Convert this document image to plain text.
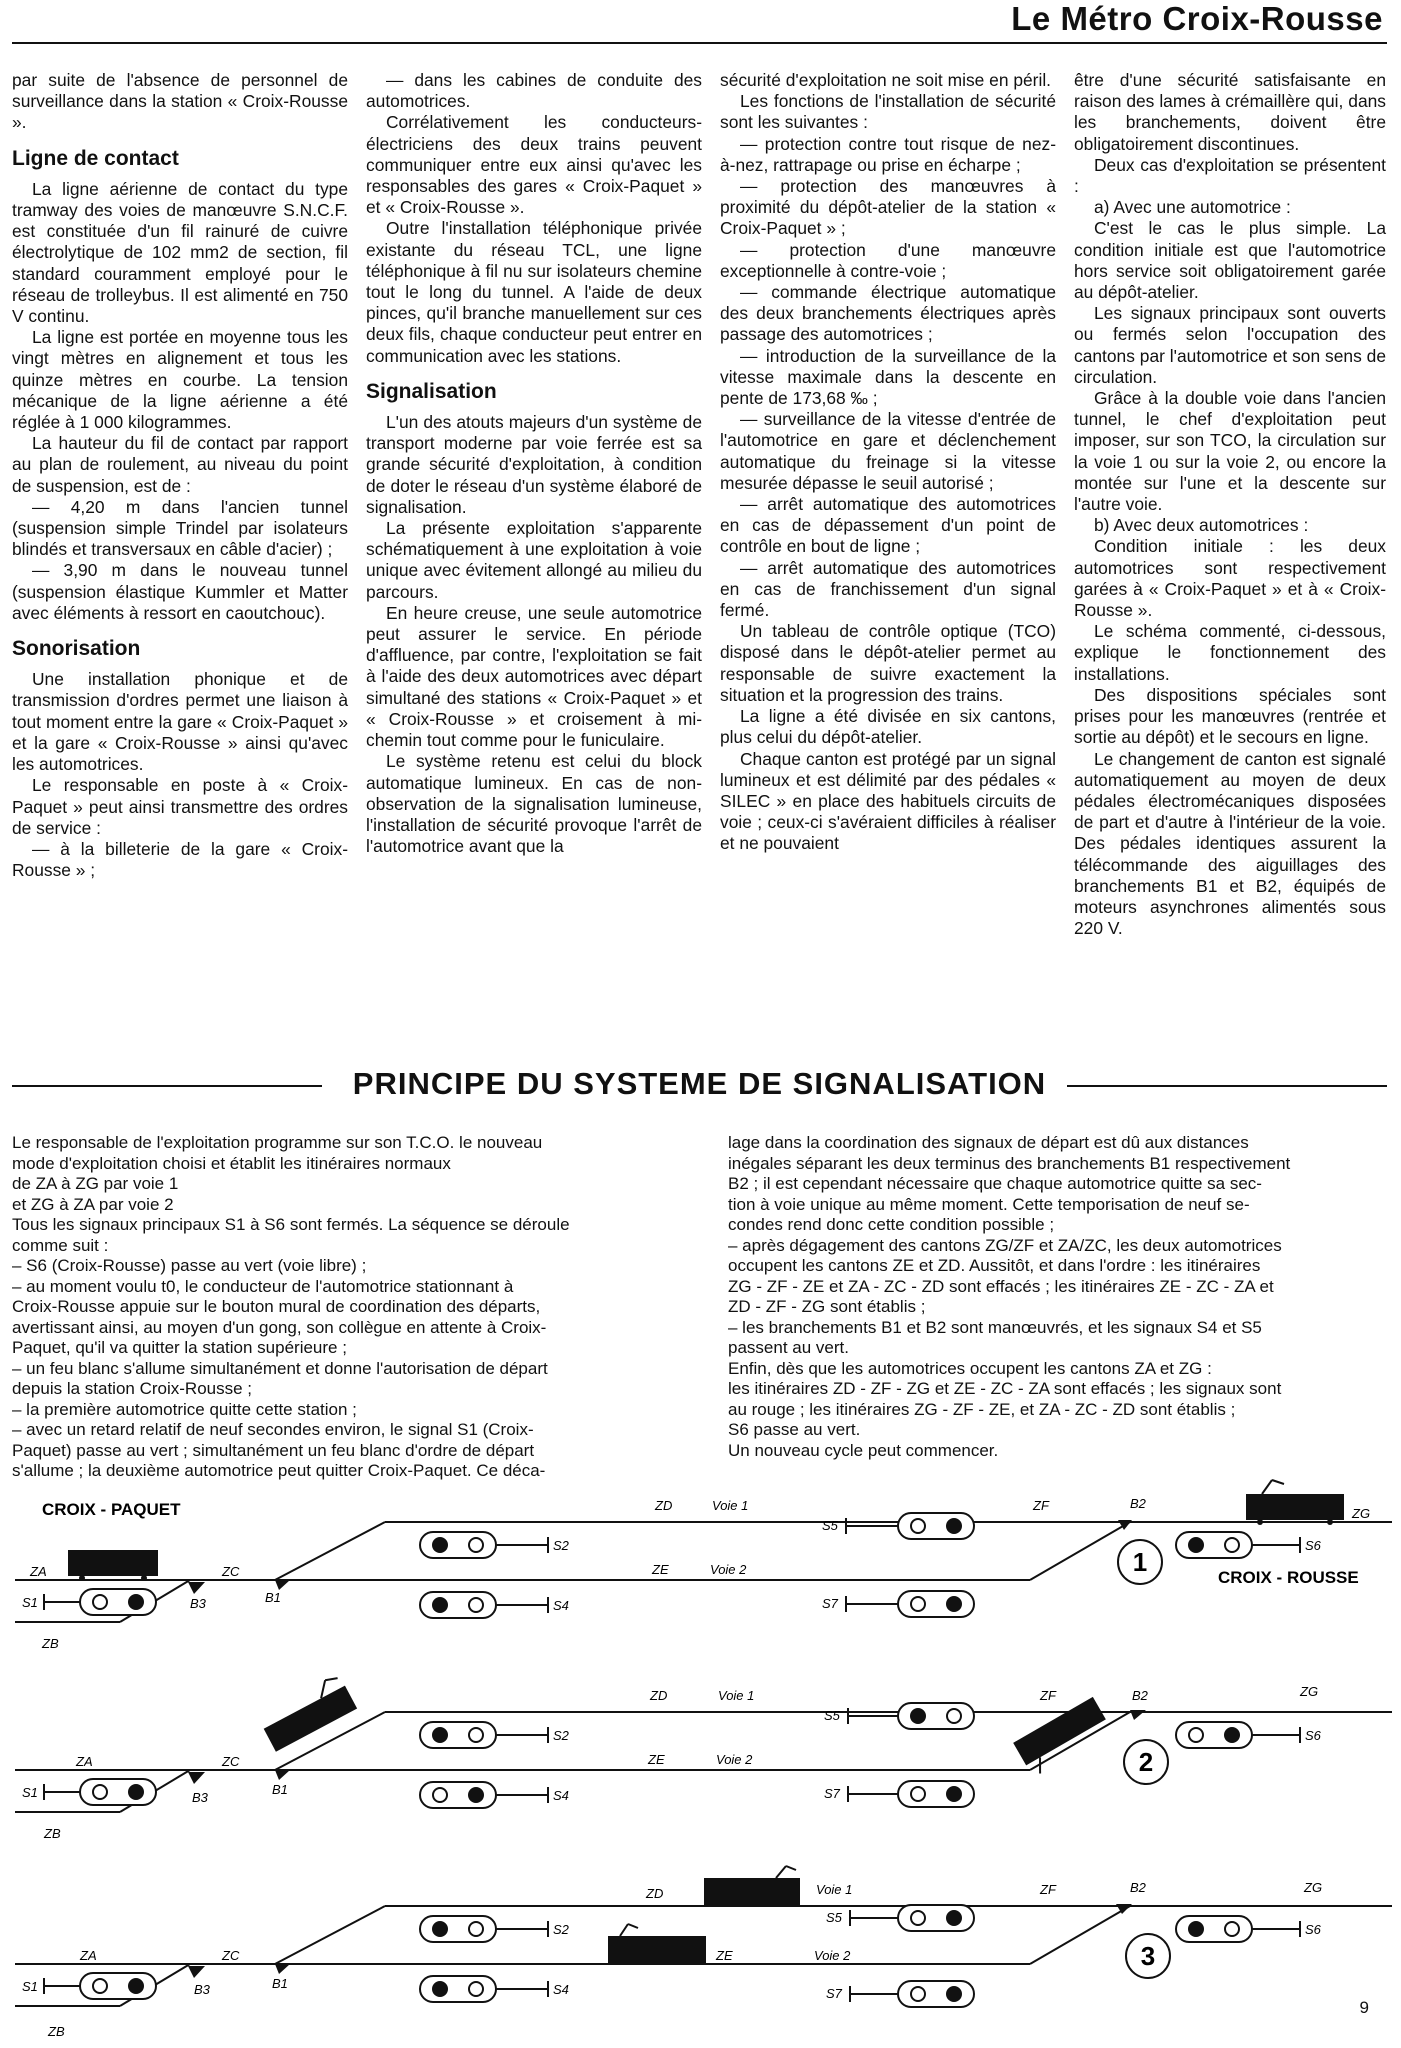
Le Métro Croix-Rousse

par suite de l'absence de personnel de surveillance dans la station « Croix-Rousse ».

Ligne de contact

La ligne aérienne de contact du type tramway des voies de manœuvre S.N.C.F. est constituée d'un fil rainuré de cuivre électrolytique de 102 mm2 de section, fil standard couramment employé pour le réseau de trolleybus. Il est alimenté en 750 V continu.

La ligne est portée en moyenne tous les vingt mètres en alignement et tous les quinze mètres en courbe. La tension mécanique de la ligne aérienne a été réglée à 1 000 kilogrammes.

La hauteur du fil de contact par rapport au plan de roulement, au niveau du point de suspension, est de :

— 4,20 m dans l'ancien tunnel (suspension simple Trindel par isolateurs blindés et transversaux en câble d'acier) ;

— 3,90 m dans le nouveau tunnel (suspension élastique Kummler et Matter avec éléments à ressort en caoutchouc).

Sonorisation

Une installation phonique et de transmission d'ordres permet une liaison à tout moment entre la gare « Croix-Paquet » et la gare « Croix-Rousse » ainsi qu'avec les automotrices.

Le responsable en poste à « Croix-Paquet » peut ainsi transmettre des ordres de service :

— à la billeterie de la gare « Croix-Rousse » ;

— dans les cabines de conduite des automotrices.

Corrélativement les conducteurs-électriciens des deux trains peuvent communiquer entre eux ainsi qu'avec les responsables des gares « Croix-Paquet » et « Croix-Rousse ».

Outre l'installation téléphonique privée existante du réseau TCL, une ligne téléphonique à fil nu sur isolateurs chemine tout le long du tunnel. A l'aide de deux pinces, qu'il branche manuellement sur ces deux fils, chaque conducteur peut entrer en communication avec les stations.

Signalisation

L'un des atouts majeurs d'un système de transport moderne par voie ferrée est sa grande sécurité d'exploitation, à condition de doter le réseau d'un système élaboré de signalisation.

La présente exploitation s'apparente schématiquement à une exploitation à voie unique avec évitement allongé au milieu du parcours.

En heure creuse, une seule automotrice peut assurer le service. En période d'affluence, par contre, l'exploitation se fait à l'aide des deux automotrices avec départ simultané des stations « Croix-Paquet » et « Croix-Rousse » et croisement à mi-chemin tout comme pour le funiculaire.

Le système retenu est celui du block automatique lumineux. En cas de non-observation de la signalisation lumineuse, l'installation de sécurité provoque l'arrêt de l'automotrice avant que la

sécurité d'exploitation ne soit mise en péril.

Les fonctions de l'installation de sécurité sont les suivantes :

— protection contre tout risque de nez-à-nez, rattrapage ou prise en écharpe ;

— protection des manœuvres à proximité du dépôt-atelier de la station « Croix-Paquet » ;

— protection d'une manœuvre exceptionnelle à contre-voie ;

— commande électrique automatique des deux branchements électriques après passage des automotrices ;

— introduction de la surveillance de la vitesse maximale dans la descente en pente de 173,68 ‰ ;

— surveillance de la vitesse d'entrée de l'automotrice en gare et déclenchement automatique du freinage si la vitesse mesurée dépasse le seuil autorisé ;

— arrêt automatique des automotrices en cas de dépassement d'un point de contrôle en bout de ligne ;

— arrêt automatique des automotrices en cas de franchissement d'un signal fermé.

Un tableau de contrôle optique (TCO) disposé dans le dépôt-atelier permet au responsable de suivre exactement la situation et la progression des trains.

La ligne a été divisée en six cantons, plus celui du dépôt-atelier.

Chaque canton est protégé par un signal lumineux et est délimité par des pédales « SILEC » en place des habituels circuits de voie ; ceux-ci s'avéraient difficiles à réaliser et ne pouvaient

être d'une sécurité satisfaisante en raison des lames à crémaillère qui, dans les branchements, doivent être obligatoirement discontinues.

Deux cas d'exploitation se présentent :

a) Avec une automotrice :

C'est le cas le plus simple. La condition initiale est que l'automotrice hors service soit obligatoirement garée au dépôt-atelier.

Les signaux principaux sont ouverts ou fermés selon l'occupation des cantons par l'automotrice et son sens de circulation.

Grâce à la double voie dans l'ancien tunnel, le chef d'exploitation peut imposer, sur son TCO, la circulation sur la voie 1 ou sur la voie 2, ou encore la montée sur l'une et la descente sur l'autre voie.

b) Avec deux automotrices :

Condition initiale : les deux automotrices sont respectivement garées à « Croix-Paquet » et à « Croix-Rousse ».

Le schéma commenté, ci-dessous, explique le fonctionnement des installations.

Des dispositions spéciales sont prises pour les manœuvres (rentrée et sortie au dépôt) et le secours en ligne.

Le changement de canton est signalé automatiquement au moyen de deux pédales électromécaniques disposées de part et d'autre à l'intérieur de la voie. Des pédales identiques assurent la télécommande des aiguillages des branchements B1 et B2, équipés de moteurs asynchrones alimentés sous 220 V.

PRINCIPE DU SYSTEME DE SIGNALISATION
Le responsable de l'exploitation programme sur son T.C.O. le nouveau
mode d'exploitation choisi et établit les itinéraires normaux
de ZA à ZG par voie 1
et ZG à ZA par voie 2
Tous les signaux principaux S1 à S6 sont fermés. La séquence se déroule
comme suit :
– S6 (Croix-Rousse) passe au vert (voie libre) ;
– au moment voulu t0, le conducteur de l'automotrice stationnant à
Croix-Rousse appuie sur le bouton mural de coordination des départs,
avertissant ainsi, au moyen d'un gong, son collègue en attente à Croix-
Paquet, qu'il va quitter la station supérieure ;
– un feu blanc s'allume simultanément et donne l'autorisation de départ
depuis la station Croix-Rousse ;
– la première automotrice quitte cette station ;
– avec un retard relatif de neuf secondes environ, le signal S1 (Croix-
Paquet) passe au vert ; simultanément un feu blanc d'ordre de départ
s'allume ; la deuxième automotrice peut quitter Croix-Paquet. Ce déca-
lage dans la coordination des signaux de départ est dû aux distances
inégales séparant les deux terminus des branchements B1 respectivement
B2 ; il est cependant nécessaire que chaque automotrice quitte sa sec-
tion à voie unique au même moment. Cette temporisation de neuf se-
condes rend donc cette condition possible ;
– après dégagement des cantons ZG/ZF et ZA/ZC, les deux automotrices
occupent les cantons ZE et ZD. Aussitôt, et dans l'ordre : les itinéraires
ZG - ZF - ZE et ZA - ZC - ZD sont effacés ; les itinéraires ZE - ZC - ZA et
ZD - ZF - ZG sont établis ;
– les branchements B1 et B2 sont manœuvrés, et les signaux S4 et S5
passent au vert.
Enfin, dès que les automotrices occupent les cantons ZA et ZG :
les itinéraires ZD - ZF - ZG et ZE - ZC - ZA sont effacés ; les signaux sont
au rouge ; les itinéraires ZG - ZF - ZE, et ZA - ZC - ZD sont établis ;
S6 passe au vert.
Un nouveau cycle peut commencer.
CROIX - PAQUET
CROIX - ROUSSE
ZD	Voie 1	ZF	B2
ZG
ZE	Voie 2
ZA	ZC
B1
B3
ZB
S1
S2
S4
S5
S7
S6
1
ZD	Voie 1	ZF	B2	ZG
ZE	Voie 2
ZA	ZC
B1
B3
ZB
S1
S2
S4
S5
S7
S6
2
ZD	Voie 1	ZF	B2	ZG
ZE	Voie 2
ZA	ZC
B1
B3
ZB
S1
S2
S4
S5
S7
S6
3
9
